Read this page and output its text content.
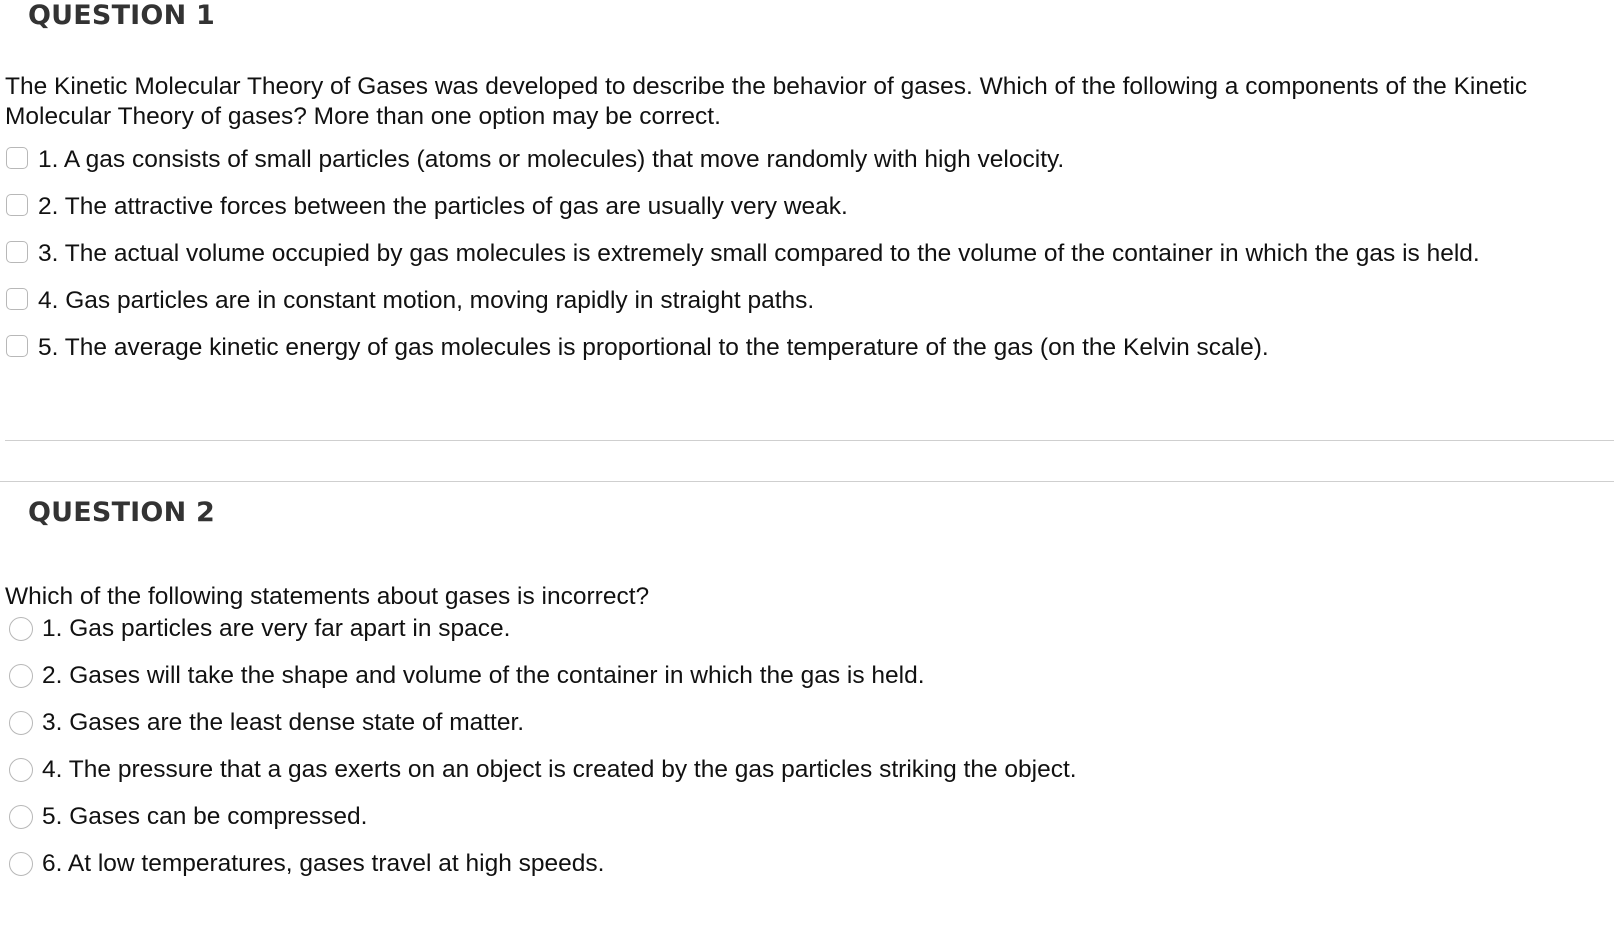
QUESTION 1

The Kinetic Molecular Theory of Gases was developed to describe the behavior of gases. Which of the following a components of the Kinetic Molecular Theory of gases? More than one option may be correct.

1. A gas consists of small particles (atoms or molecules) that move randomly with high velocity.
2. The attractive forces between the particles of gas are usually very weak.
3. The actual volume occupied by gas molecules is extremely small compared to the volume of the container in which the gas is held.
4. Gas particles are in constant motion, moving rapidly in straight paths.
5. The average kinetic energy of gas molecules is proportional to the temperature of the gas (on the Kelvin scale).
QUESTION 2

Which of the following statements about gases is incorrect?

1. Gas particles are very far apart in space.
2. Gases will take the shape and volume of the container in which the gas is held.
3. Gases are the least dense state of matter.
4. The pressure that a gas exerts on an object is created by the gas particles striking the object.
5. Gases can be compressed.
6. At low temperatures, gases travel at high speeds.
